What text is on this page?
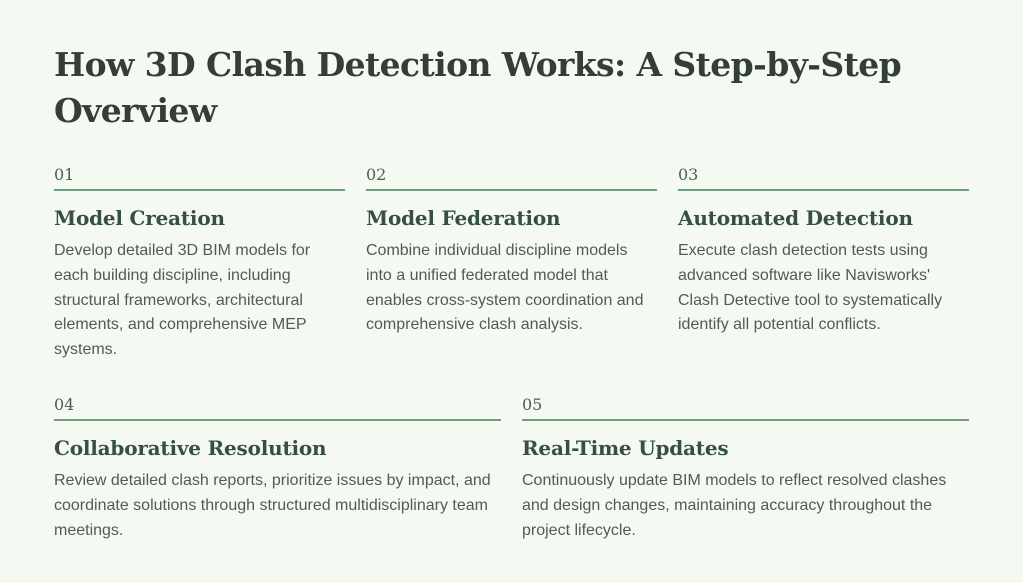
How 3D Clash Detection Works: A Step-by-Step Overview
01
Model Creation

Develop detailed 3D BIM models for each building discipline, including structural frameworks, architectural elements, and comprehensive MEP systems.

02
Model Federation

Combine individual discipline models into a unified federated model that enables cross-system coordination and comprehensive clash analysis.

03
Automated Detection

Execute clash detection tests using advanced software like Navisworks' Clash Detective tool to systematically identify all potential conflicts.

04
Collaborative Resolution

Review detailed clash reports, prioritize issues by impact, and coordinate solutions through structured multidisciplinary team meetings.

05
Real-Time Updates

Continuously update BIM models to reflect resolved clashes and design changes, maintaining accuracy throughout the project lifecycle.
